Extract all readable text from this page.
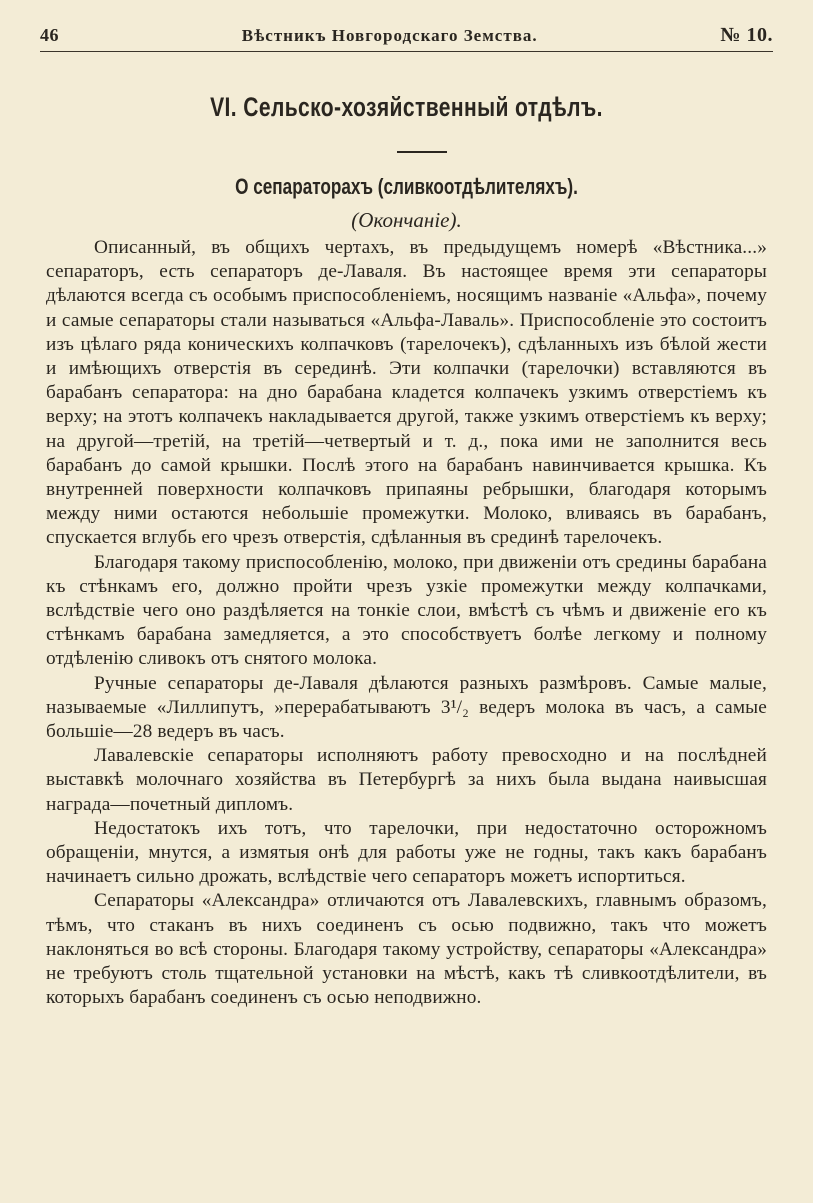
46	Вѣстникъ Новгородскаго Земства.	№ 10.
VI. Сельско-хозяйственный отдѣлъ.
О сепараторахъ (сливкоотдѣлителяхъ).
(Окончаніе).

Описанный, въ общихъ чертахъ, въ предыдущемъ номерѣ «Вѣстника...» сепараторъ, есть сепараторъ де-Лаваля. Въ настоящее время эти сепараторы дѣлаются всегда съ особымъ приспособленіемъ, носящимъ названіе «Альфа», почему и самые сепараторы стали называться «Альфа-Лаваль». Приспособленіе это состоитъ изъ цѣлаго ряда коническихъ колпачковъ (тарелочекъ), сдѣланныхъ изъ бѣлой жести и имѣющихъ отверстія въ серединѣ. Эти колпачки (тарелочки) вставляются въ барабанъ сепаратора: на дно барабана кладется колпачекъ узкимъ отверстіемъ къ верху; на этотъ колпачекъ накладывается другой, также узкимъ отверстіемъ къ верху; на другой—третій, на третій—четвертый и т. д., пока ими не заполнится весь барабанъ до самой крышки. Послѣ этого на барабанъ навинчивается крышка. Къ внутренней поверхности колпачковъ припаяны ребрышки, благодаря которымъ между ними остаются небольшіе промежутки. Молоко, вливаясь въ барабанъ, спускается вглубь его чрезъ отверстія, сдѣланныя въ срединѣ тарелочекъ.

Благодаря такому приспособленію, молоко, при движеніи отъ средины барабана къ стѣнкамъ его, должно пройти чрезъ узкіе промежутки между колпачками, вслѣдствіе чего оно раздѣляется на тонкіе слои, вмѣстѣ съ чѣмъ и движеніе его къ стѣнкамъ барабана замедляется, а это способствуетъ болѣе легкому и полному отдѣленію сливокъ отъ снятого молока.

Ручные сепараторы де-Лаваля дѣлаются разныхъ размѣровъ. Самые малые, называемые «Лиллипутъ, »перерабатываютъ 3¹/₂ ведеръ молока въ часъ, а самые большіе—28 ведеръ въ часъ.

Лавалевскіе сепараторы исполняютъ работу превосходно и на послѣдней выставкѣ молочнаго хозяйства въ Петербургѣ за нихъ была выдана наивысшая награда—почетный дипломъ.

Недостатокъ ихъ тотъ, что тарелочки, при недостаточно осторожномъ обращеніи, мнутся, а измятыя онѣ для работы уже не годны, такъ какъ барабанъ начинаетъ сильно дрожать, вслѣдствіе чего сепараторъ можетъ испортиться.

Сепараторы «Александра» отличаются отъ Лавалевскихъ, главнымъ образомъ, тѣмъ, что стаканъ въ нихъ соединенъ съ осью подвижно, такъ что можетъ наклоняться во всѣ стороны. Благодаря такому устройству, сепараторы «Александра» не требуютъ столь тщательной установки на мѣстѣ, какъ тѣ сливкоотдѣлители, въ которыхъ барабанъ соединенъ съ осью неподвижно.
